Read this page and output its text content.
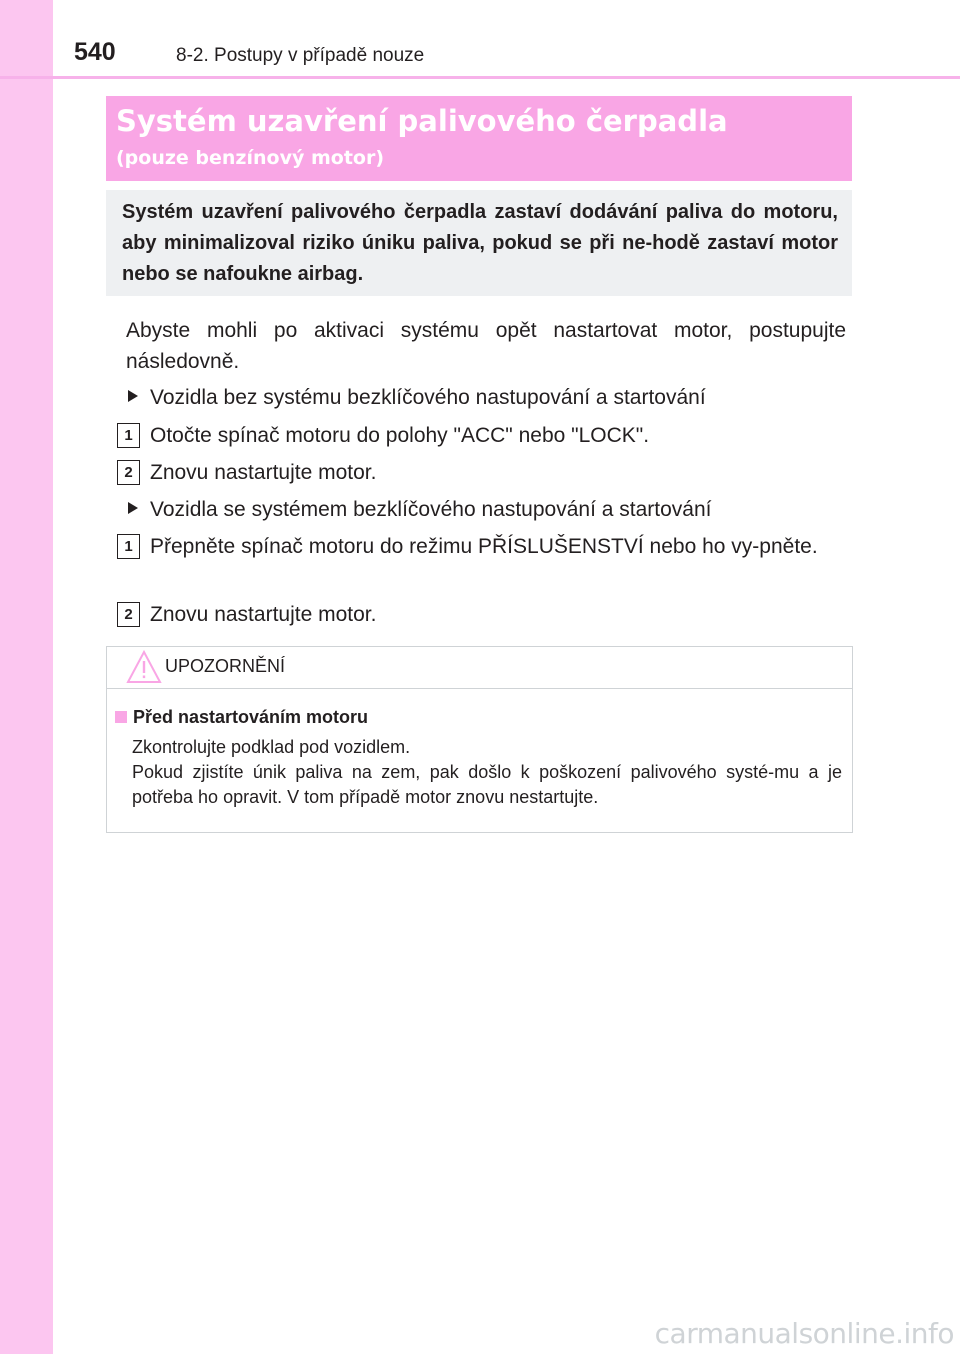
540	8-2. Postupy v případě nouze
Systém uzavření palivového čerpadla
(pouze benzínový motor)
Systém uzavření palivového čerpadla zastaví dodávání paliva do motoru, aby minimalizoval riziko úniku paliva, pokud se při ne-hodě zastaví motor nebo se nafoukne airbag.
Abyste mohli po aktivaci systému opět nastartovat motor, postupujte následovně.
Vozidla bez systému bezklíčového nastupování a startování
1 Otočte spínač motoru do polohy "ACC" nebo "LOCK".
2 Znovu nastartujte motor.
Vozidla se systémem bezklíčového nastupování a startování
1 Přepněte spínač motoru do režimu PŘÍSLUŠENSTVÍ nebo ho vy-pněte.
2 Znovu nastartujte motor.
UPOZORNĚNÍ
Před nastartováním motoru

Zkontrolujte podklad pod vozidlem.

Pokud zjistíte únik paliva na zem, pak došlo k poškození palivového systé-mu a je potřeba ho opravit. V tom případě motor znovu nestartujte.

carmanualsonline.info
